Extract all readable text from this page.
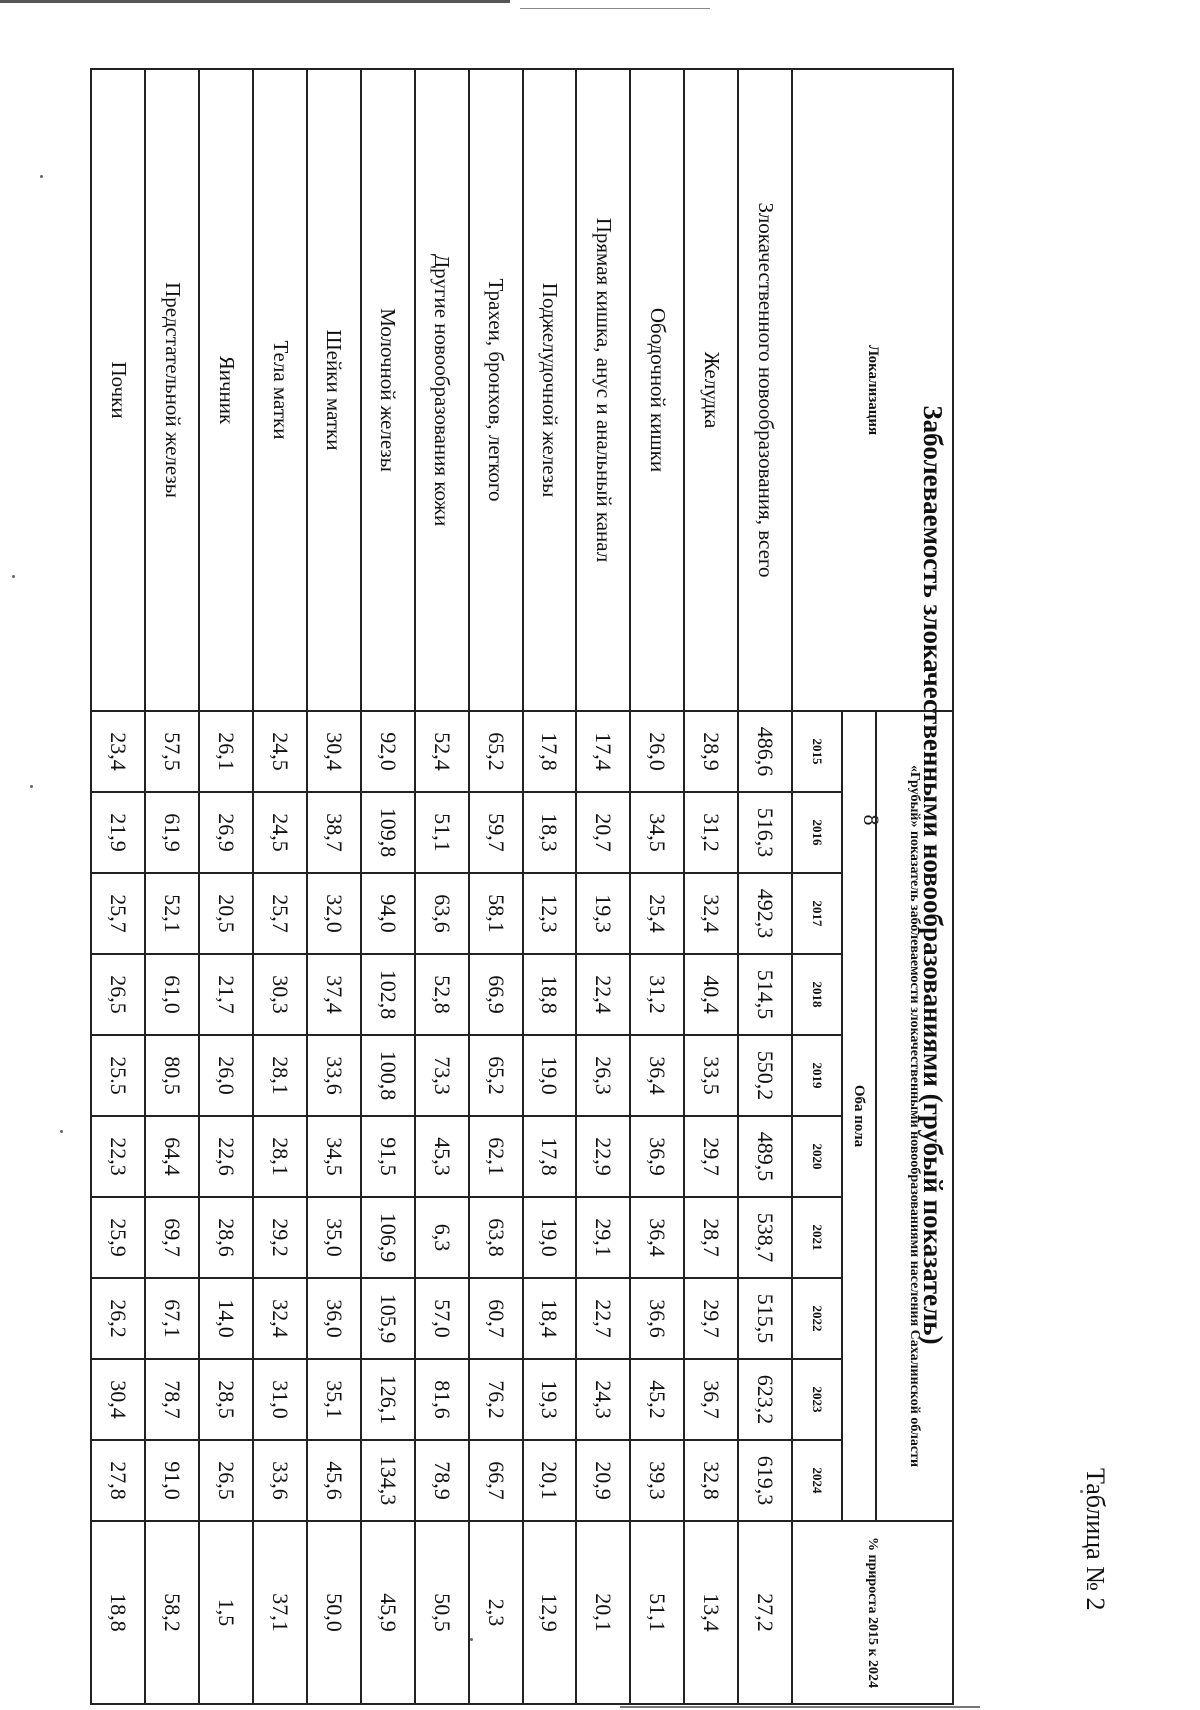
Таблица № 2
8 Заболеваемость злокачественными новообразованиями (грубый показатель)
Локализация	«Грубый» показатель заболеваемости злокачественными новообразованиями населения Сахалинской области										% прироста 2015 к 2024
	Оба пола										
	2015	2016	2017	2018	2019	2020	2021	2022	2023	2024	
Злокачественного новообразования, всего	486,6	516,3	492,3	514,5	550,2	489,5	538,7	515,5	623,2	619,3	27,2
Желудка	28,9	31,2	32,4	40,4	33,5	29,7	28,7	29,7	36,7	32,8	13,4
Ободочной кишки	26,0	34,5	25,4	31,2	36,4	36,9	36,4	36,6	45,2	39,3	51,1
Прямая кишка, анус и анальный канал	17,4	20,7	19,3	22,4	26,3	22,9	29,1	22,7	24,3	20,9	20,1
Поджелудочной железы	17,8	18,3	12,3	18,8	19,0	17,8	19,0	18,4	19,3	20,1	12,9
Трахеи, бронхов, легкого	65,2	59,7	58,1	66,9	65,2	62,1	63,8	60,7	76,2	66,7	2,3
Другие новообразования кожи	52,4	51,1	63,6	52,8	73,3	45,3	6,3	57,0	81,6	78,9	50,5
Молочной железы	92,0	109,8	94,0	102,8	100,8	91,5	106,9	105,9	126,1	134,3	45,9
Шейки матки	30,4	38,7	32,0	37,4	33,6	34,5	35,0	36,0	35,1	45,6	50,0
Тела матки	24,5	24,5	25,7	30,3	28,1	28,1	29,2	32,4	31,0	33,6	37,1
Яичник	26,1	26,9	20,5	21,7	26,0	22,6	28,6	14,0	28,5	26,5	1,5
Предстательной железы	57,5	61,9	52,1	61,0	80,5	64,4	69,7	67,1	78,7	91,0	58,2
Почки	23,4	21,9	25,7	26,5	25.5	22,3	25,9	26,2	30,4	27,8	18,8
